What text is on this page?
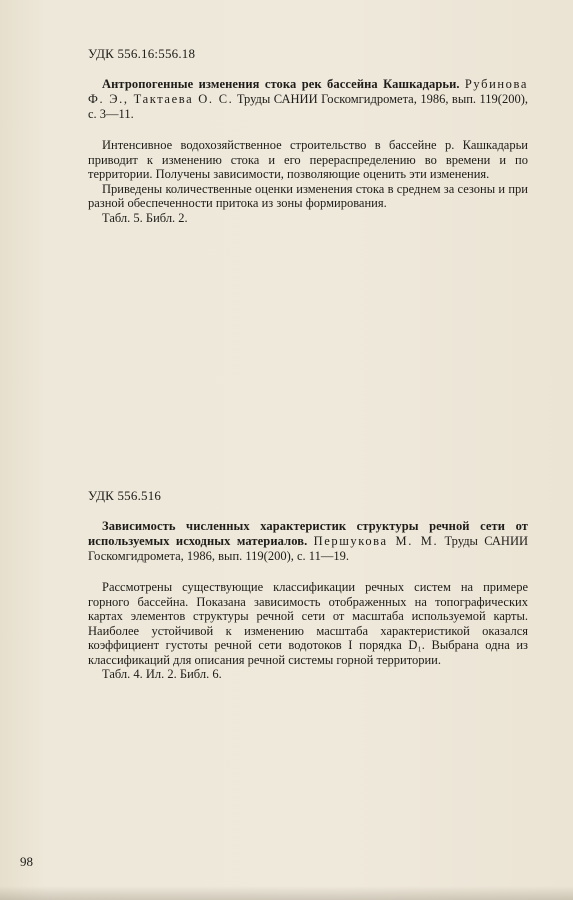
УДК 556.16:556.18

Антропогенные изменения стока рек бассейна Кашкадарьи. Рубинова Ф. Э., Тактаева О. С. Труды САНИИ Госкомгидромета, 1986, вып. 119(200), с. 3—11.

Интенсивное водохозяйственное строительство в бассейне р. Кашкадарьи приводит к изменению стока и его перераспределению во времени и по территории. Получены зависимости, позволяющие оценить эти изменения.

Приведены количественные оценки изменения стока в среднем за сезоны и при разной обеспеченности притока из зоны формирования.

Табл. 5. Библ. 2.

УДК 556.516

Зависимость численных характеристик структуры речной сети от используемых исходных материалов. Першукова М. М. Труды САНИИ Госкомгидромета, 1986, вып. 119(200), с. 11—19.

Рассмотрены существующие классификации речных систем на примере горного бассейна. Показана зависимость отображенных на топографических картах элементов структуры речной сети от масштаба используемой карты. Наиболее устойчивой к изменению масштаба характеристикой оказался коэффициент густоты речной сети водотоков I порядка D₁. Выбрана одна из классификаций для описания речной системы горной территории.

Табл. 4. Ил. 2. Библ. 6.

98
